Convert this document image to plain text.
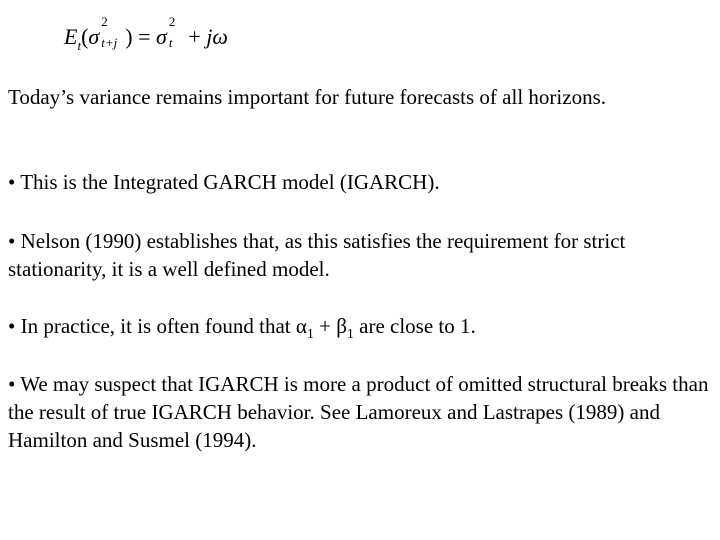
$E_t(\sigma$
2
t+j ) = σ
2
t + jω
Today’s variance remains important for future forecasts of all horizons.
• This is the Integrated GARCH model (IGARCH).
• Nelson (1990) establishes that, as this satisfies the requirement for strict stationarity, it is a well defined model.
• In practice, it is often found that $\alpha_1 + \beta_1$ are close to 1.
• We may suspect that IGARCH is more a product of omitted structural breaks than the result of true IGARCH behavior. See Lamoreux and Lastrapes (1989) and Hamilton and Susmel (1994).
